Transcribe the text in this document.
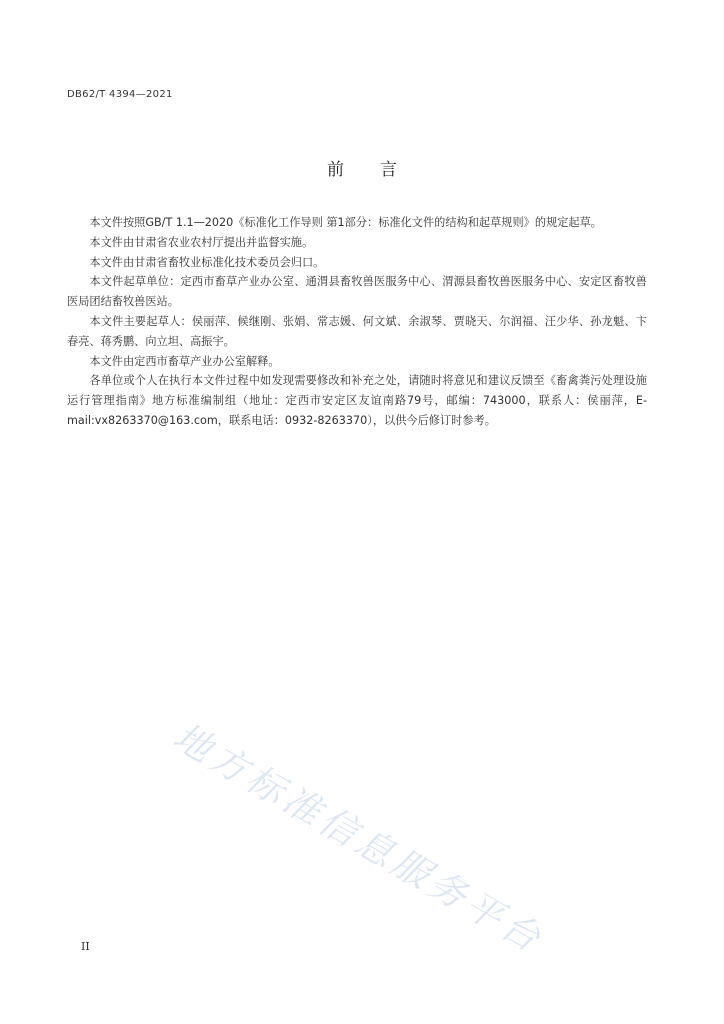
DB62/T 4394—2021
前言

本文件按照GB/T 1.1—2020《标准化工作导则 第1部分：标准化文件的结构和起草规则》的规定起草。

本文件由甘肃省农业农村厅提出并监督实施。

本文件由甘肃省畜牧业标准化技术委员会归口。

本文件起草单位：定西市畜草产业办公室、通渭县畜牧兽医服务中心、渭源县畜牧兽医服务中心、安定区畜牧兽医局团结畜牧兽医站。

本文件主要起草人：侯丽萍、候继刚、张娟、常志媛、何文斌、余淑琴、贾晓天、尔润福、汪少华、孙龙魁、卞春亮、蒋秀鹏、向立坦、高振宇。

本文件由定西市畜草产业办公室解释。

各单位或个人在执行本文件过程中如发现需要修改和补充之处，请随时将意见和建议反馈至《畜禽粪污处理设施运行管理指南》地方标准编制组（地址：定西市安定区友谊南路79号，邮编：743000，联系人：侯丽萍，E-mail:vx8263370@163.com，联系电话：0932-8263370），以供今后修订时参考。

地方标准信息服务平台
II
